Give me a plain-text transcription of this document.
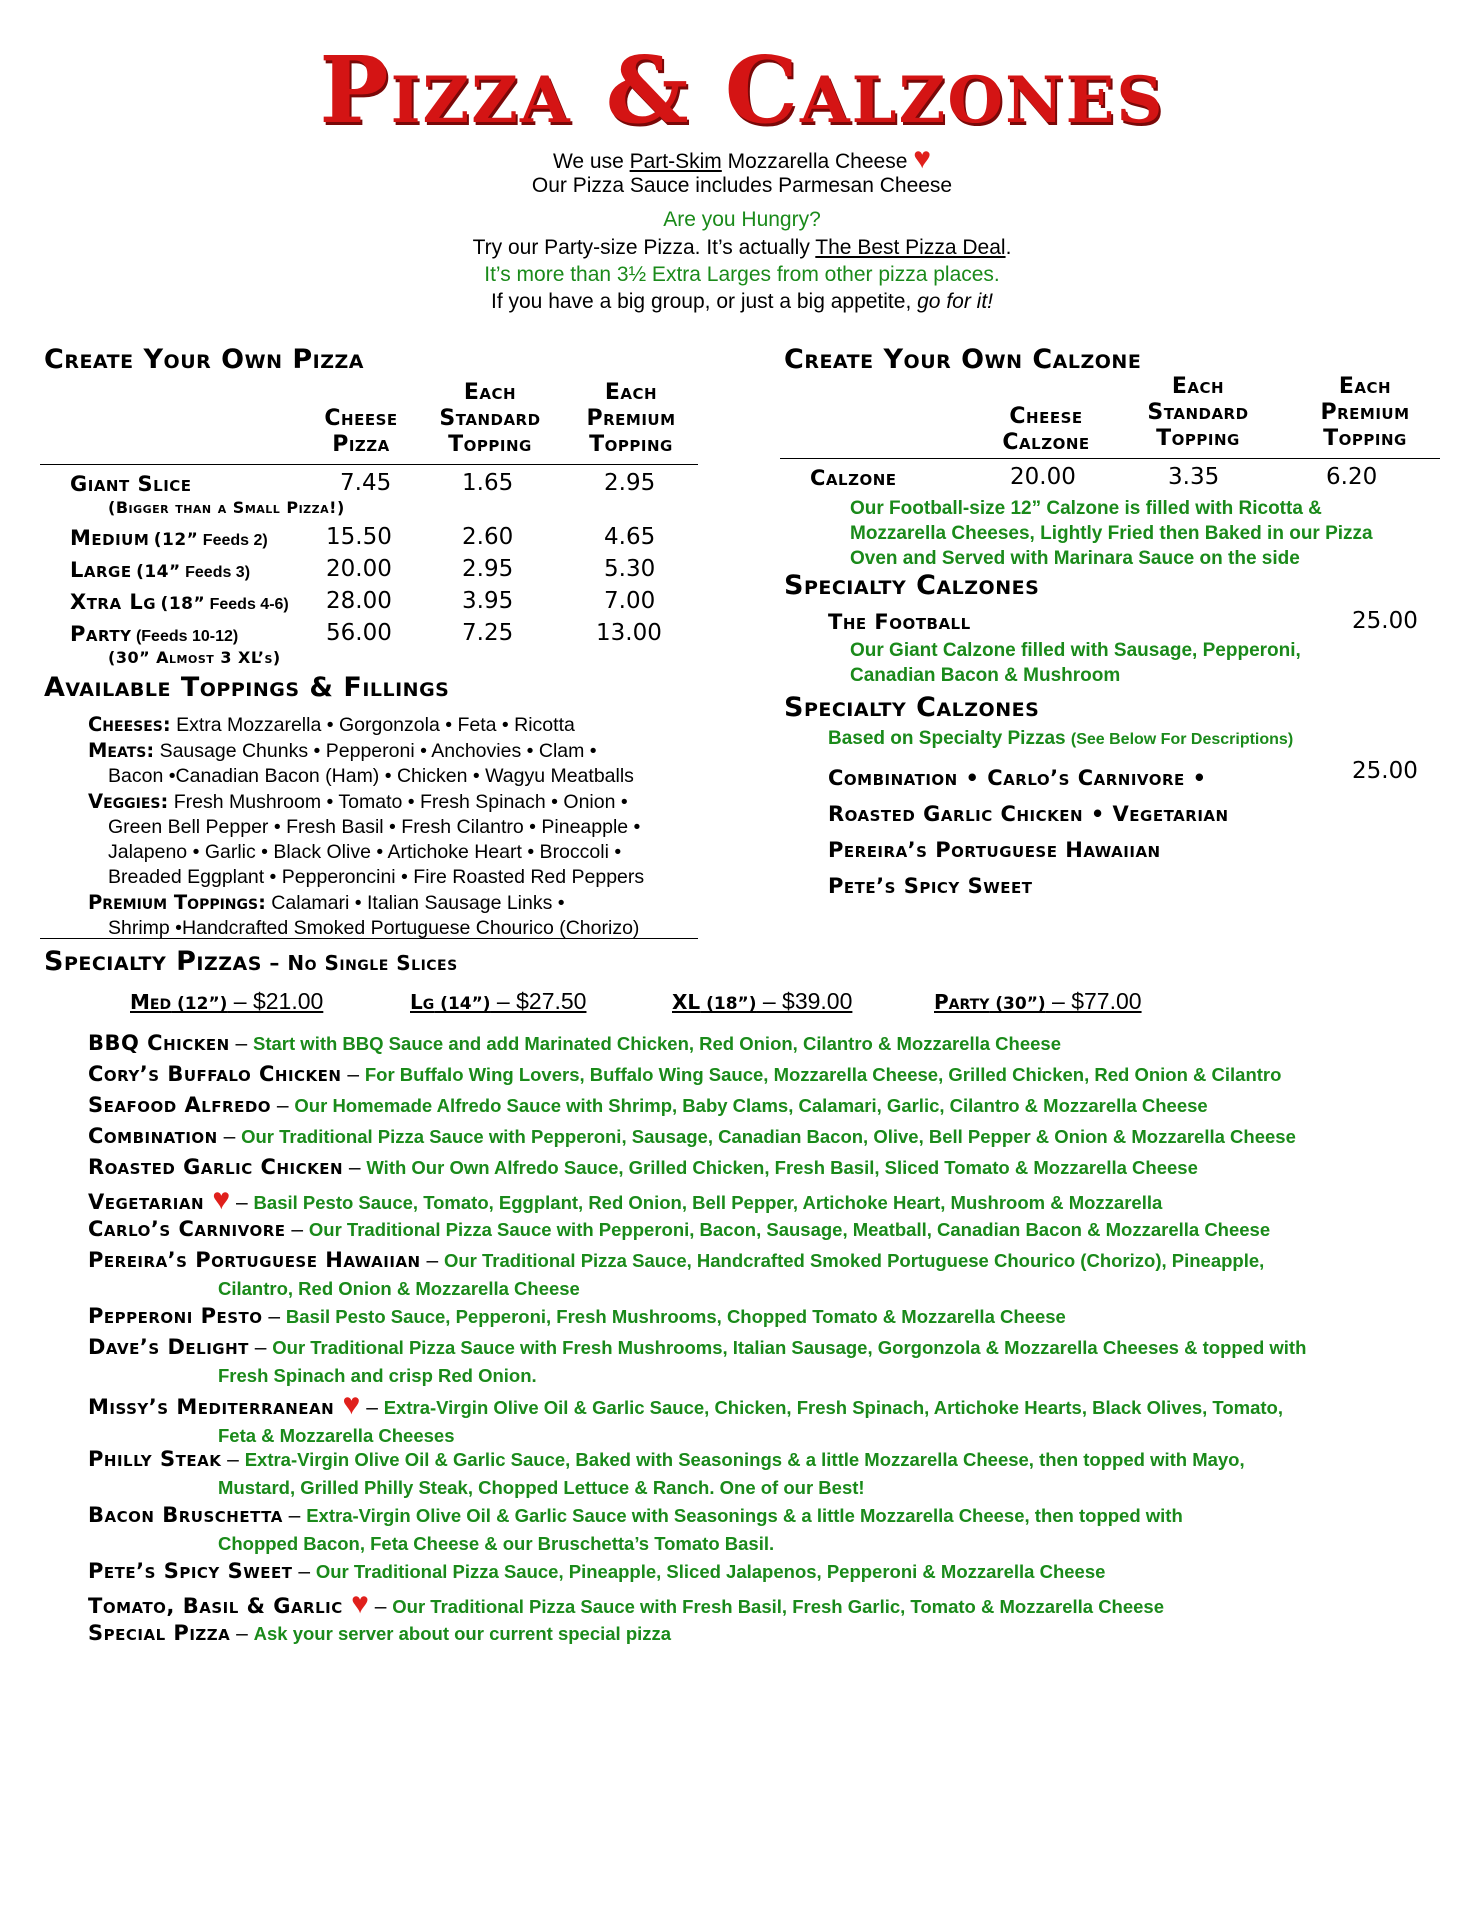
Pizza & Calzones
We use Part-Skim Mozzarella Cheese ♥
Our Pizza Sauce includes Parmesan Cheese
Are you Hungry?
Try our Party-size Pizza. It’s actually The Best Pizza Deal.
It’s more than 3½ Extra Larges from other pizza places.
If you have a big group, or just a big appetite, go for it!
Create Your Own Pizza
Cheese
Pizza
Each
Standard
Topping
Each
Premium
Topping
Giant Slice	7.45	1.65	2.95
(Bigger than a Small Pizza!)
Medium (12” Feeds 2)	15.50	2.60	4.65
Large (14” Feeds 3)	20.00	2.95	5.30
Xtra Lg (18” Feeds 4-6) 28.00	3.95	7.00
Party (Feeds 10-12)	56.00	7.25	13.00
(30” Almost 3 XL’s)
Available Toppings & Fillings
Cheeses: Extra Mozzarella • Gorgonzola • Feta • Ricotta
Meats: Sausage Chunks • Pepperoni • Anchovies • Clam •
Bacon •Canadian Bacon (Ham) • Chicken • Wagyu Meatballs
Veggies: Fresh Mushroom • Tomato • Fresh Spinach • Onion •
Green Bell Pepper • Fresh Basil • Fresh Cilantro • Pineapple •
Jalapeno • Garlic • Black Olive • Artichoke Heart • Broccoli •
Breaded Eggplant • Pepperoncini • Fire Roasted Red Peppers
Premium Toppings: Calamari • Italian Sausage Links •
Shrimp •Handcrafted Smoked Portuguese Chourico (Chorizo)
Create Your Own Calzone
Cheese
Calzone
Each
Standard
Topping
Each
Premium
Topping
Calzone	20.00	3.35	6.20
Our Football-size 12” Calzone is filled with Ricotta &
Mozzarella Cheeses, Lightly Fried then Baked in our Pizza
Oven and Served with Marinara Sauce on the side
Specialty Calzones
The Football	25.00
Our Giant Calzone filled with Sausage, Pepperoni,
Canadian Bacon & Mushroom
Specialty Calzones
Based on Specialty Pizzas (See Below For Descriptions)
Combination • Carlo’s Carnivore •
Roasted Garlic Chicken • Vegetarian
Pereira’s Portuguese Hawaiian
Pete’s Spicy Sweet
25.00
Specialty Pizzas – No Single Slices
Med (12”) – $21.00	Lg (14”) – $27.50	XL (18”) – $39.00	Party (30”) – $77.00
BBQ Chicken – Start with BBQ Sauce and add Marinated Chicken, Red Onion, Cilantro & Mozzarella Cheese
Cory’s Buffalo Chicken – For Buffalo Wing Lovers, Buffalo Wing Sauce, Mozzarella Cheese, Grilled Chicken, Red Onion & Cilantro
Seafood Alfredo – Our Homemade Alfredo Sauce with Shrimp, Baby Clams, Calamari, Garlic, Cilantro & Mozzarella Cheese
Combination – Our Traditional Pizza Sauce with Pepperoni, Sausage, Canadian Bacon, Olive, Bell Pepper & Onion & Mozzarella Cheese
Roasted Garlic Chicken – With Our Own Alfredo Sauce, Grilled Chicken, Fresh Basil, Sliced Tomato & Mozzarella Cheese
Vegetarian ♥ – Basil Pesto Sauce, Tomato, Eggplant, Red Onion, Bell Pepper, Artichoke Heart, Mushroom & Mozzarella
Carlo’s Carnivore – Our Traditional Pizza Sauce with Pepperoni, Bacon, Sausage, Meatball, Canadian Bacon & Mozzarella Cheese
Pereira’s Portuguese Hawaiian – Our Traditional Pizza Sauce, Handcrafted Smoked Portuguese Chourico (Chorizo), Pineapple,
Cilantro, Red Onion & Mozzarella Cheese
Pepperoni Pesto – Basil Pesto Sauce, Pepperoni, Fresh Mushrooms, Chopped Tomato & Mozzarella Cheese
Dave’s Delight – Our Traditional Pizza Sauce with Fresh Mushrooms, Italian Sausage, Gorgonzola & Mozzarella Cheeses & topped with
Fresh Spinach and crisp Red Onion.
Missy’s Mediterranean ♥ – Extra-Virgin Olive Oil & Garlic Sauce, Chicken, Fresh Spinach, Artichoke Hearts, Black Olives, Tomato,
Feta & Mozzarella Cheeses
Philly Steak – Extra-Virgin Olive Oil & Garlic Sauce, Baked with Seasonings & a little Mozzarella Cheese, then topped with Mayo,
Mustard, Grilled Philly Steak, Chopped Lettuce & Ranch. One of our Best!
Bacon Bruschetta – Extra-Virgin Olive Oil & Garlic Sauce with Seasonings & a little Mozzarella Cheese, then topped with
Chopped Bacon, Feta Cheese & our Bruschetta’s Tomato Basil.
Pete’s Spicy Sweet – Our Traditional Pizza Sauce, Pineapple, Sliced Jalapenos, Pepperoni & Mozzarella Cheese
Tomato, Basil & Garlic ♥ – Our Traditional Pizza Sauce with Fresh Basil, Fresh Garlic, Tomato & Mozzarella Cheese
Special Pizza – Ask your server about our current special pizza
